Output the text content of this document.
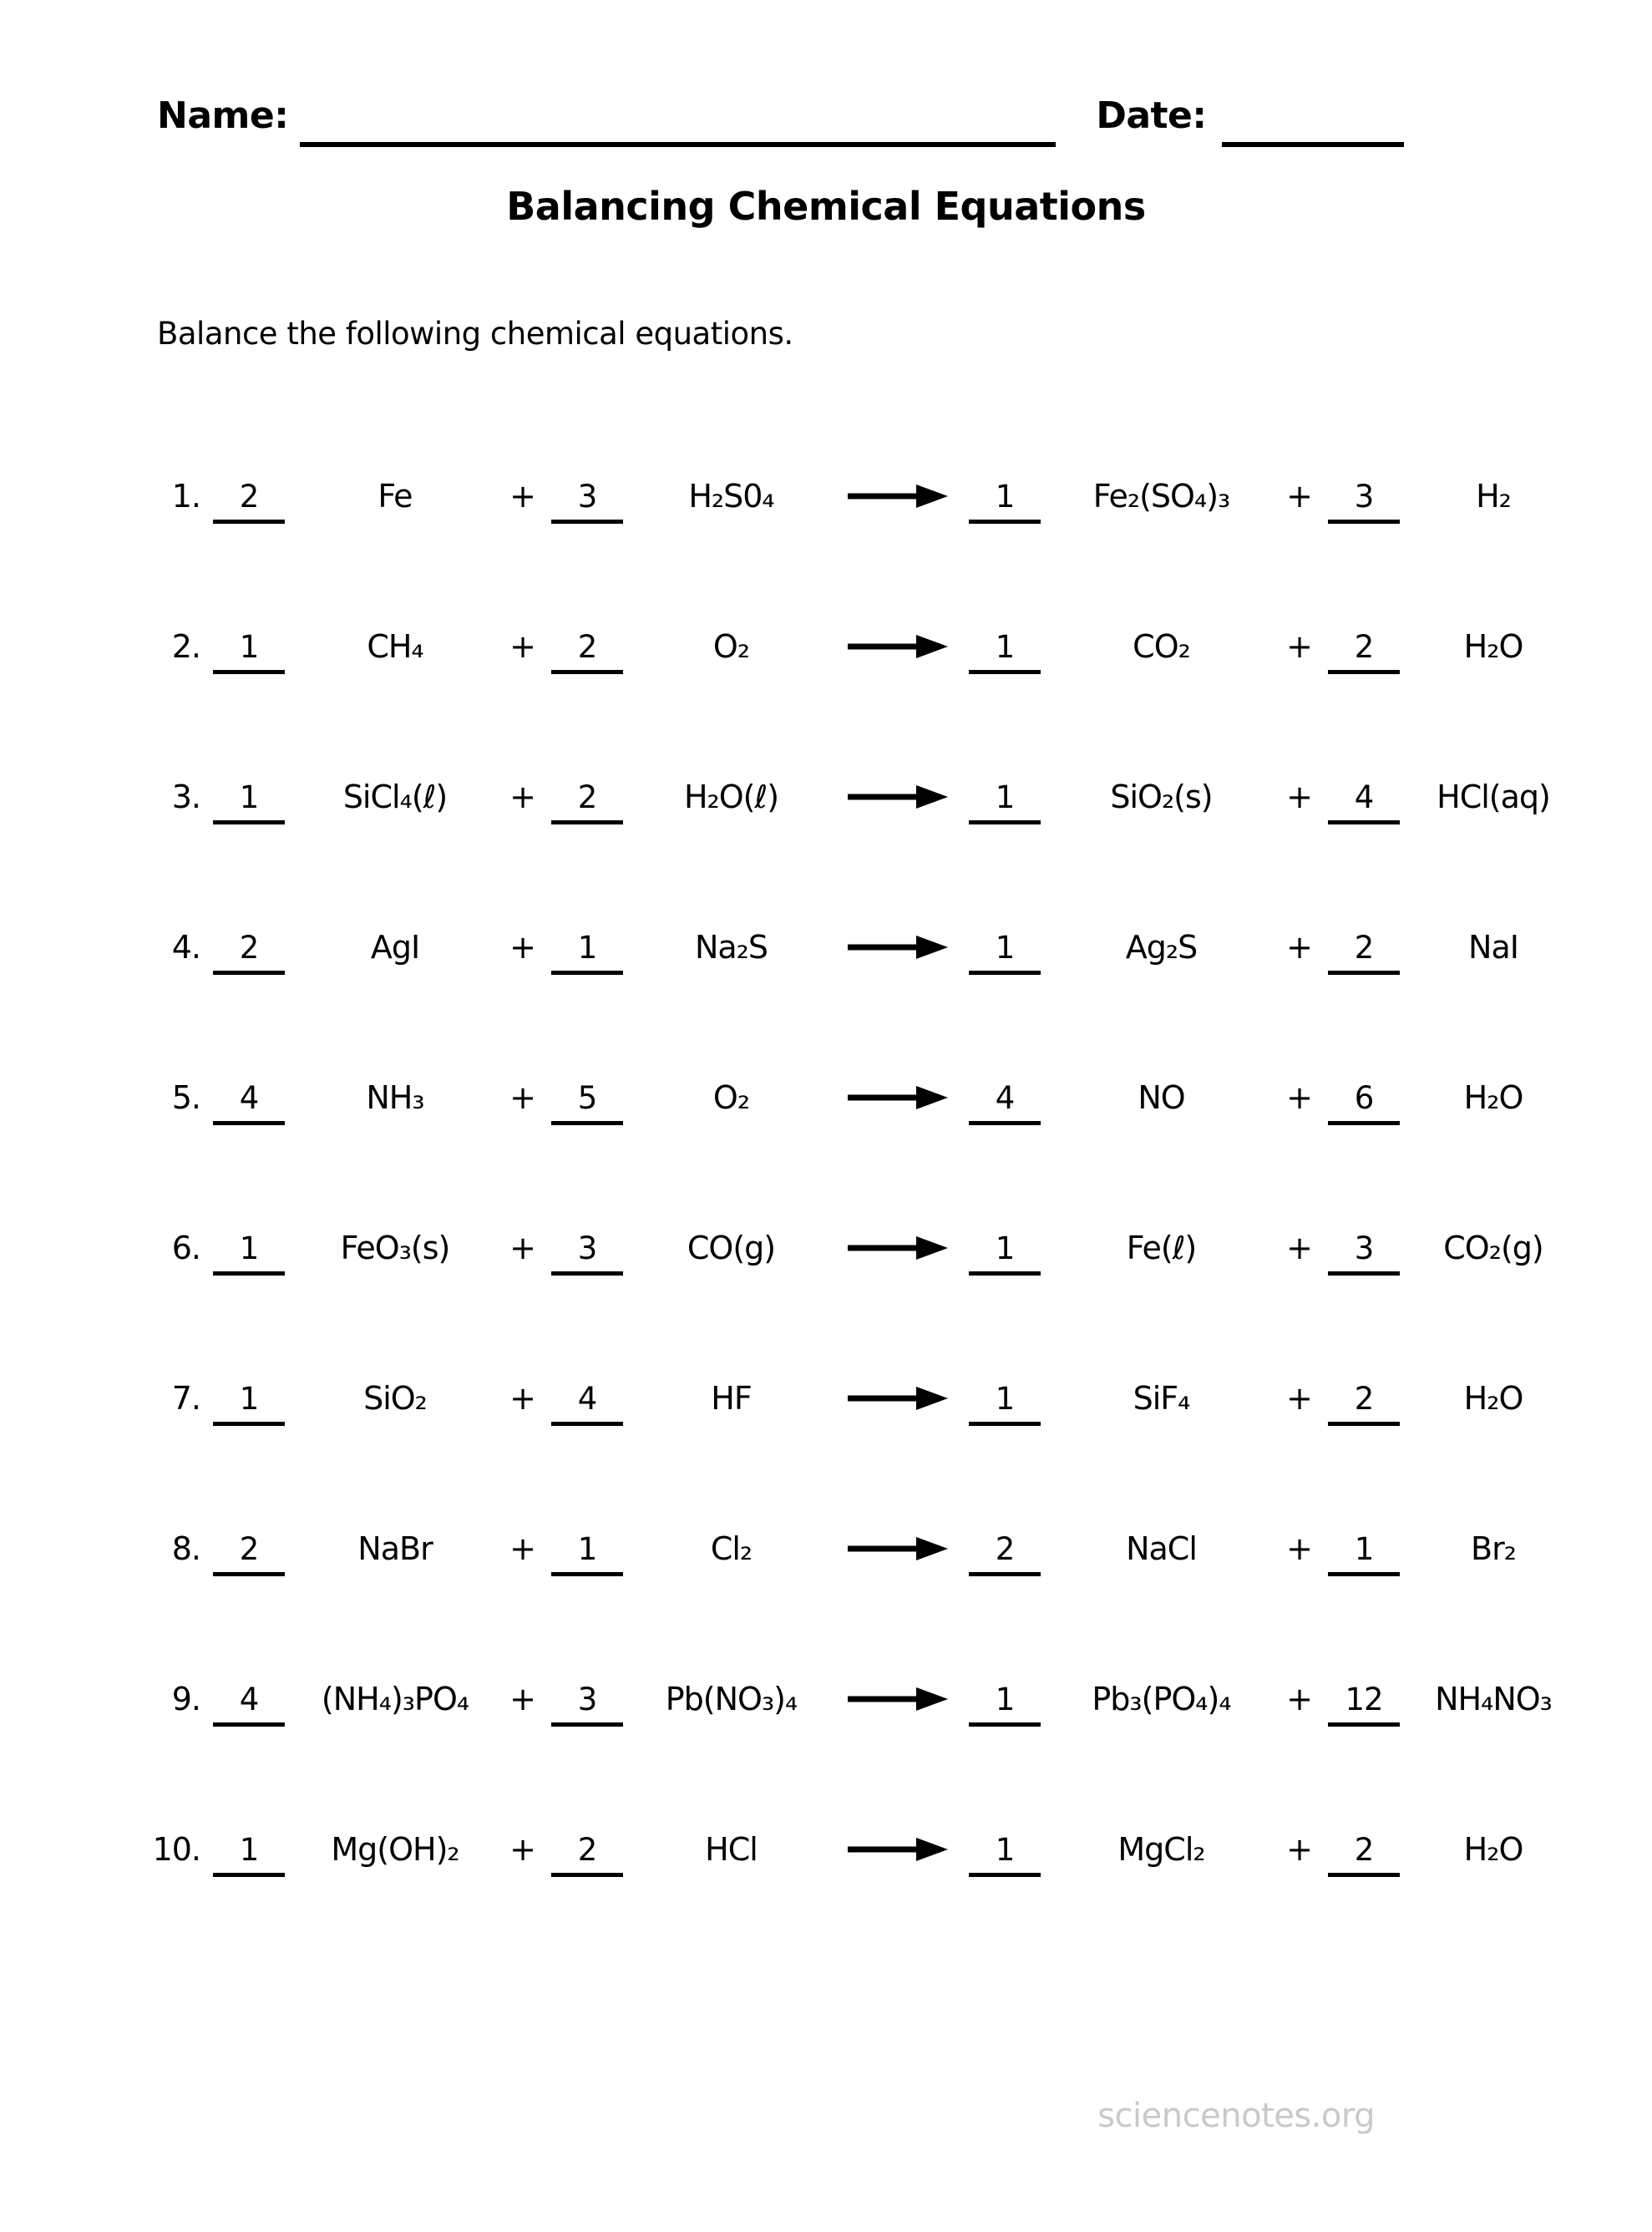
Name:	Date:
Balancing Chemical Equations
Balance the following chemical equations.
1.	2	Fe	+	3	H₂S0₄	1	Fe₂(SO₄)₃	+	3	H₂
2.	1	CH₄	+	2	O₂	1	CO₂	+	2	H₂O
3.	1	SiCl₄(ℓ)	+	2	H₂O(ℓ)	1	SiO₂(s)	+	4	HCl(aq)
4.	2	AgI	+	1	Na₂S	1	Ag₂S	+	2	NaI
5.	4	NH₃	+	5	O₂	4	NO	+	6	H₂O
6.	1	FeO₃(s)	+	3	CO(g)	1	Fe(ℓ)	+	3	CO₂(g)
7.	1	SiO₂	+	4	HF	1	SiF₄	+	2	H₂O
8.	2	NaBr	+	1	Cl₂	2	NaCl	+	1	Br₂
9.	4	(NH₄)₃PO₄	+	3	Pb(NO₃)₄	1	Pb₃(PO₄)₄	+	12	NH₄NO₃
10.	1	Mg(OH)₂	+	2	HCl	1	MgCl₂	+	2	H₂O
sciencenotes.org
